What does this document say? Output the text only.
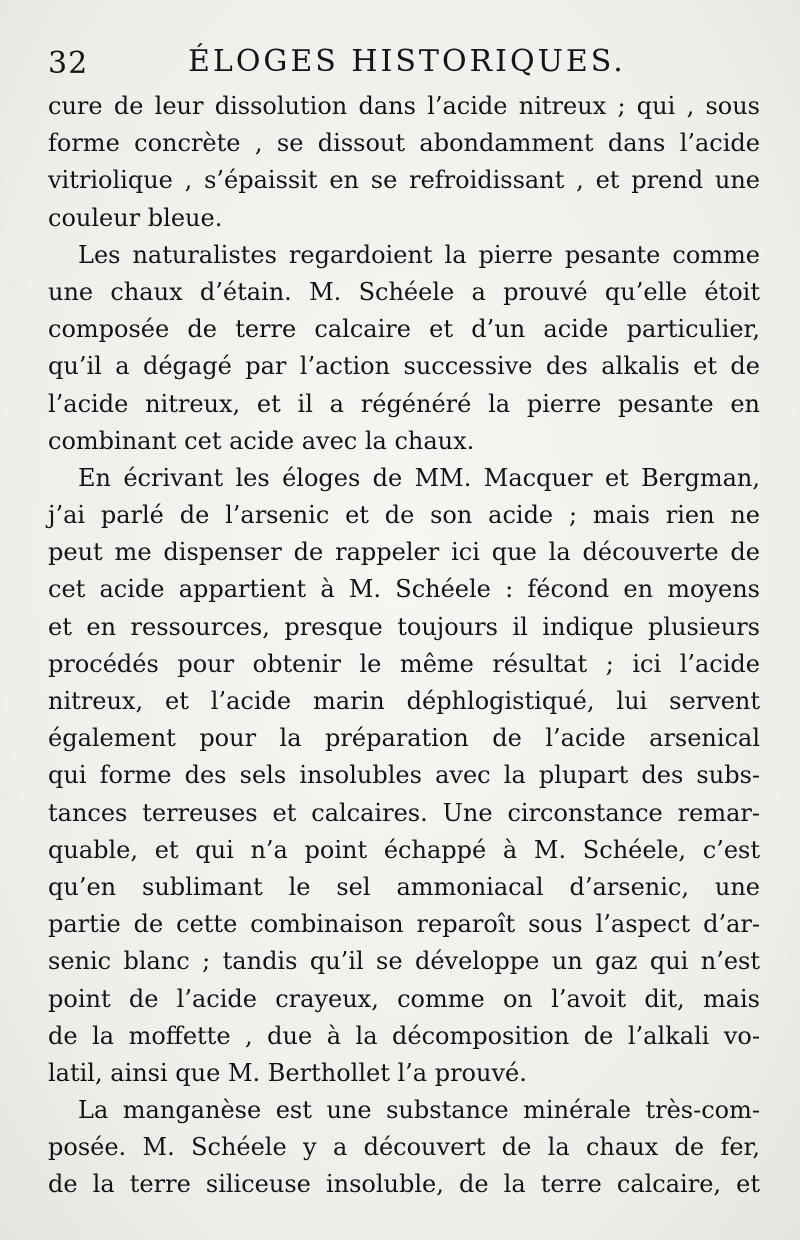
32	ÉLOGES HISTORIQUES.
cure de leur dissolution dans l’acide nitreux ; qui , sous
forme concrète , se dissout abondamment dans l’acide
vitriolique , s’épaissit en se refroidissant , et prend une
couleur bleue.
Les naturalistes regardoient la pierre pesante comme
une chaux d’étain. M. Schéele a prouvé qu’elle étoit
composée de terre calcaire et d’un acide particulier,
qu’il a dégagé par l’action successive des alkalis et de
l’acide nitreux, et il a régénéré la pierre pesante en
combinant cet acide avec la chaux.
En écrivant les éloges de MM. Macquer et Bergman,
j’ai parlé de l’arsenic et de son acide ; mais rien ne
peut me dispenser de rappeler ici que la découverte de
cet acide appartient à M. Schéele : fécond en moyens
et en ressources, presque toujours il indique plusieurs
procédés pour obtenir le même résultat ; ici l’acide
nitreux, et l’acide marin déphlogistiqué, lui servent
également pour la préparation de l’acide arsenical
qui forme des sels insolubles avec la plupart des subs-
tances terreuses et calcaires. Une circonstance remar-
quable, et qui n’a point échappé à M. Schéele, c’est
qu’en sublimant le sel ammoniacal d’arsenic, une
partie de cette combinaison reparoît sous l’aspect d’ar-
senic blanc ; tandis qu’il se développe un gaz qui n’est
point de l’acide crayeux, comme on l’avoit dit, mais
de la moffette , due à la décomposition de l’alkali vo-
latil, ainsi que M. Berthollet l’a prouvé.
La manganèse est une substance minérale très-com-
posée. M. Schéele y a découvert de la chaux de fer,
de la terre siliceuse insoluble, de la terre calcaire, et
